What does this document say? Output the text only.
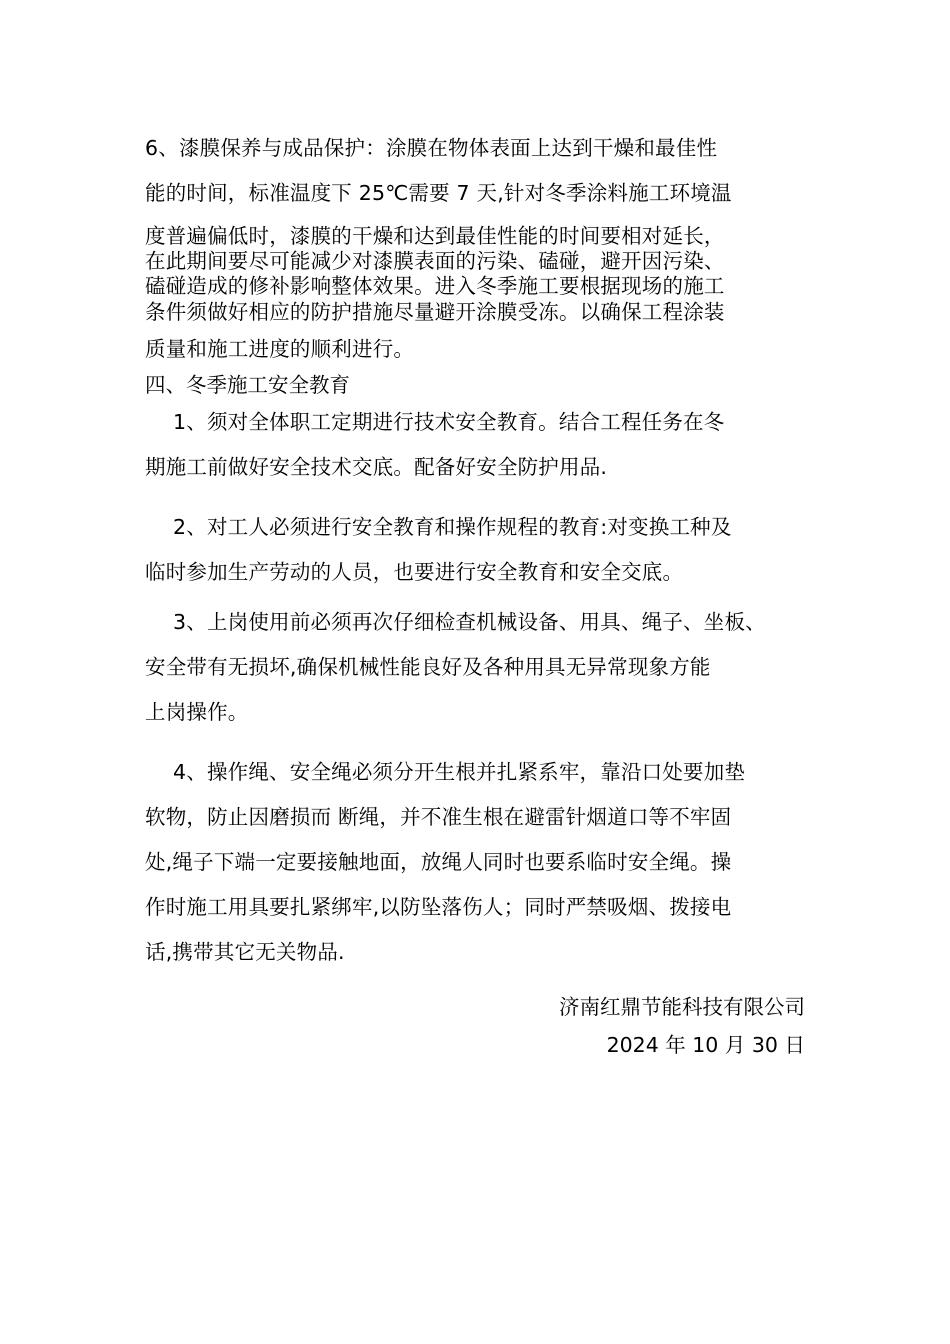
6、漆膜保养与成品保护：涂膜在物体表面上达到干燥和最佳性
能的时间，标准温度下 25℃需要 7 天,针对冬季涂料施工环境温
度普遍偏低时，漆膜的干燥和达到最佳性能的时间要相对延长，
在此期间要尽可能减少对漆膜表面的污染、磕碰，避开因污染、
磕碰造成的修补影响整体效果。进入冬季施工要根据现场的施工
条件须做好相应的防护措施尽量避开涂膜受冻。以确保工程涂装
质量和施工进度的顺利进行。
四、冬季施工安全教育
1、须对全体职工定期进行技术安全教育。结合工程任务在冬
期施工前做好安全技术交底。配备好安全防护用品.
2、对工人必须进行安全教育和操作规程的教育:对变换工种及
临时参加生产劳动的人员，也要进行安全教育和安全交底。
3、上岗使用前必须再次仔细检查机械设备、用具、绳子、坐板、
安全带有无损坏,确保机械性能良好及各种用具无异常现象方能
上岗操作。
4、操作绳、安全绳必须分开生根并扎紧系牢，靠沿口处要加垫
软物，防止因磨损而 断绳，并不准生根在避雷针烟道口等不牢固
处,绳子下端一定要接触地面，放绳人同时也要系临时安全绳。操
作时施工用具要扎紧绑牢,以防坠落伤人；同时严禁吸烟、拨接电
话,携带其它无关物品.
济南红鼎节能科技有限公司
2024 年 10 月 30 日
